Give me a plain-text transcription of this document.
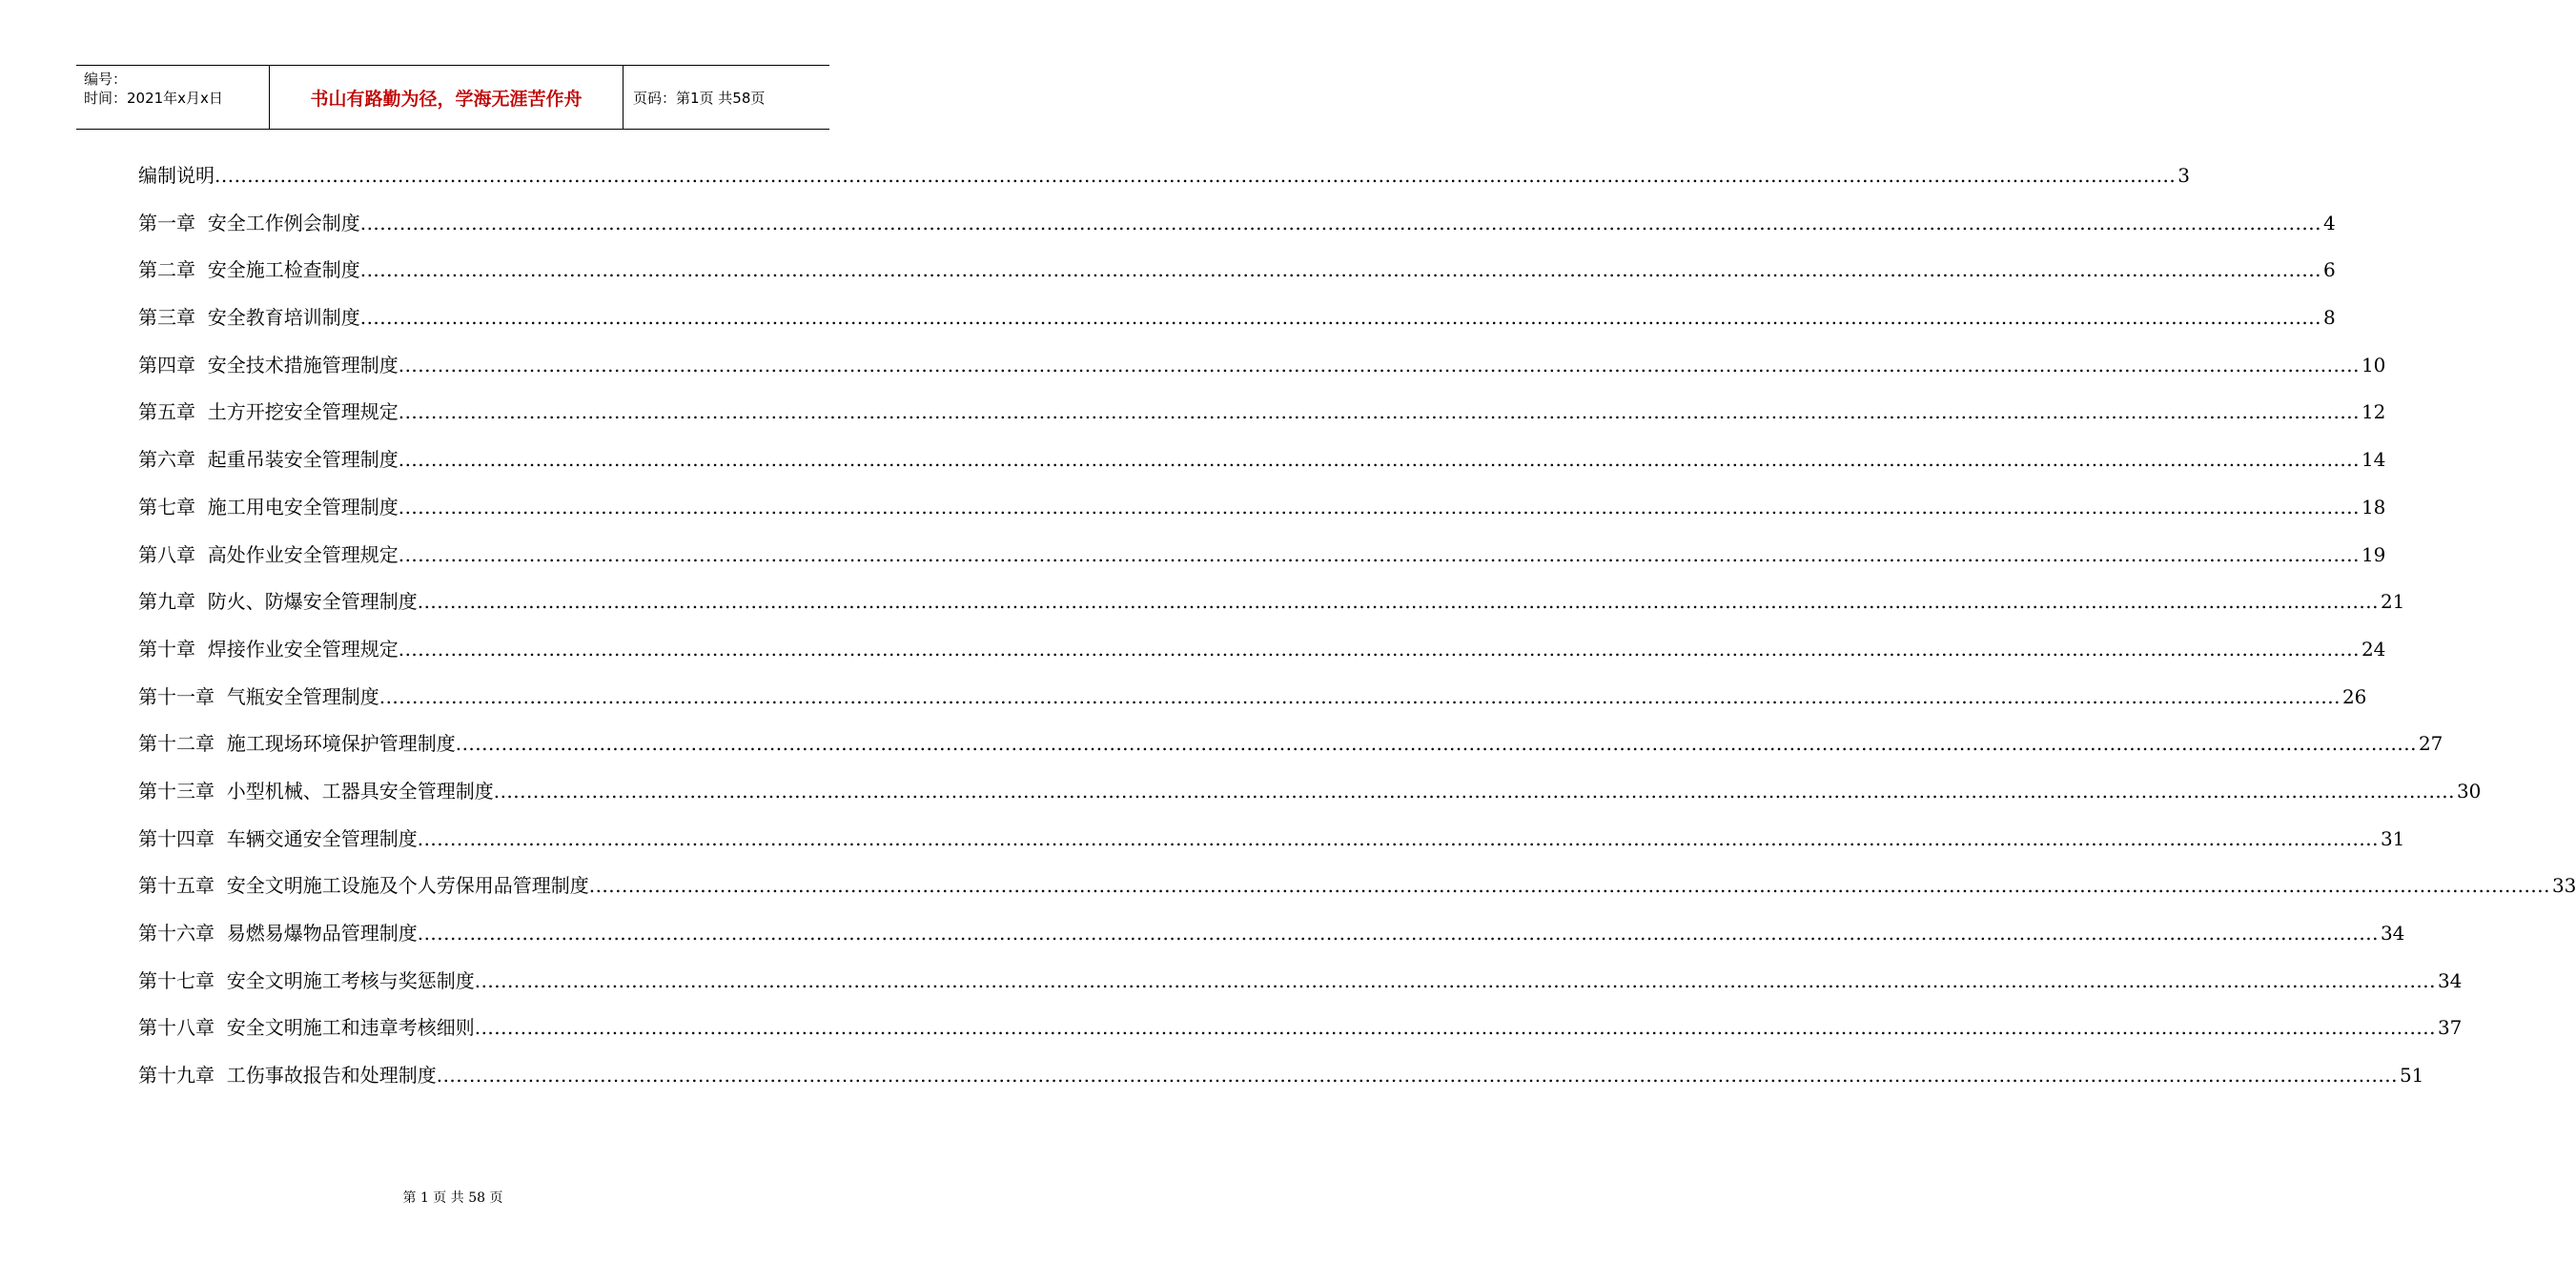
编号：
时间：2021年x月x日	书山有路勤为径，学海无涯苦作舟	页码：第1页 共58页
编制说明 ............................................................................................................................................................................................................................................................................................................ 3
第一章  安全工作例会制度 ............................................................................................................................................................................................................................................................................................................ 4
第二章  安全施工检查制度 ............................................................................................................................................................................................................................................................................................................ 6
第三章  安全教育培训制度 ............................................................................................................................................................................................................................................................................................................ 8
第四章  安全技术措施管理制度 ............................................................................................................................................................................................................................................................................................................ 10
第五章  土方开挖安全管理规定 ............................................................................................................................................................................................................................................................................................................ 12
第六章  起重吊装安全管理制度 ............................................................................................................................................................................................................................................................................................................ 14
第七章  施工用电安全管理制度 ............................................................................................................................................................................................................................................................................................................ 18
第八章  高处作业安全管理规定 ............................................................................................................................................................................................................................................................................................................ 19
第九章  防火、防爆安全管理制度 ............................................................................................................................................................................................................................................................................................................ 21
第十章  焊接作业安全管理规定 ............................................................................................................................................................................................................................................................................................................ 24
第十一章  气瓶安全管理制度 ............................................................................................................................................................................................................................................................................................................ 26
第十二章  施工现场环境保护管理制度 ............................................................................................................................................................................................................................................................................................................ 27
第十三章  小型机械、工器具安全管理制度 ............................................................................................................................................................................................................................................................................................................ 30
第十四章  车辆交通安全管理制度 ............................................................................................................................................................................................................................................................................................................ 31
第十五章  安全文明施工设施及个人劳保用品管理制度 ............................................................................................................................................................................................................................................................................................................ 33
第十六章  易燃易爆物品管理制度 ............................................................................................................................................................................................................................................................................................................ 34
第十七章  安全文明施工考核与奖惩制度 ............................................................................................................................................................................................................................................................................................................ 34
第十八章  安全文明施工和违章考核细则 ............................................................................................................................................................................................................................................................................................................ 37
第十九章  工伤事故报告和处理制度 ............................................................................................................................................................................................................................................................................................................ 51
第 1 页 共 58 页
